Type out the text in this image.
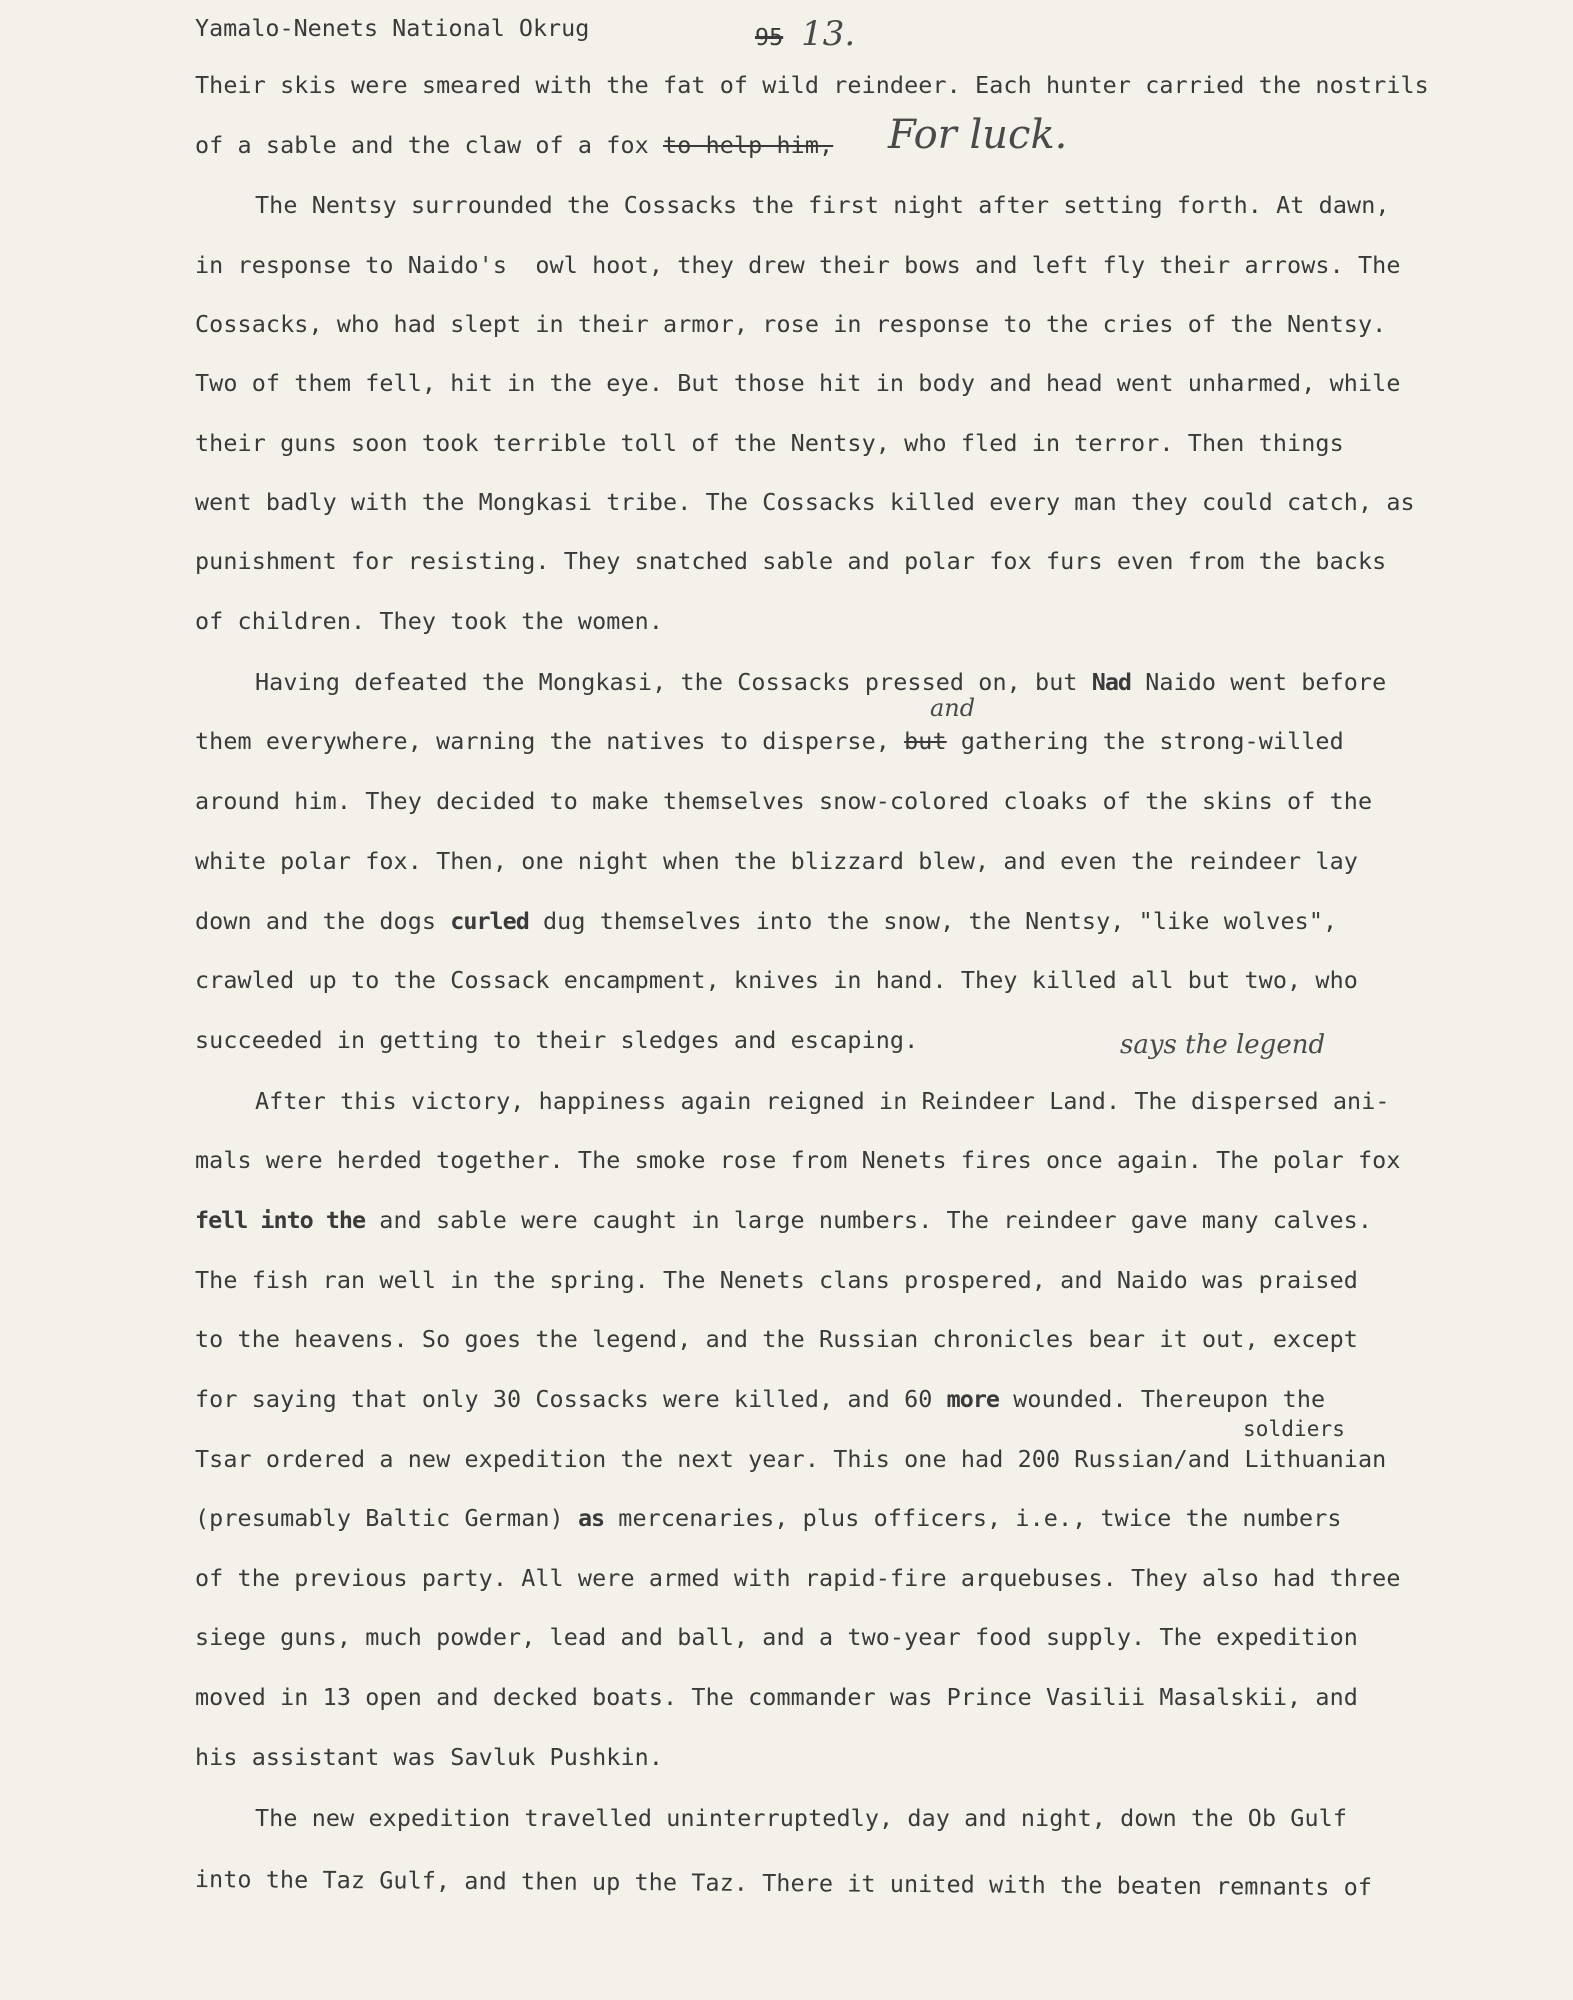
Yamalo-Nenets National Okrug	95 13.
Their skis were smeared with the fat of wild reindeer. Each hunter carried the nostrils
of a sable and the claw of a fox to help him, For luck.
The Nentsy surrounded the Cossacks the first night after setting forth. At dawn,
in response to Naido's  owl hoot, they drew their bows and left fly their arrows. The
Cossacks, who had slept in their armor, rose in response to the cries of the Nentsy.
Two of them fell, hit in the eye. But those hit in body and head went unharmed, while
their guns soon took terrible toll of the Nentsy, who fled in terror. Then things
went badly with the Mongkasi tribe. The Cossacks killed every man they could catch, as
punishment for resisting. They snatched sable and polar fox furs even from the backs
of children. They took the women.
Having defeated the Mongkasi, the Cossacks pressed on, but Nad Naido went before
and
them everywhere, warning the natives to disperse, but gathering the strong-willed
around him. They decided to make themselves snow-colored cloaks of the skins of the
white polar fox. Then, one night when the blizzard blew, and even the reindeer lay
down and the dogs curled dug themselves into the snow, the Nentsy, "like wolves",
crawled up to the Cossack encampment, knives in hand. They killed all but two, who
succeeded in getting to their sledges and escaping.	says the legend
After this victory, happiness again reigned in Reindeer Land. The dispersed ani-
mals were herded together. The smoke rose from Nenets fires once again. The polar fox
fell into the and sable were caught in large numbers. The reindeer gave many calves.
The fish ran well in the spring. The Nenets clans prospered, and Naido was praised
to the heavens. So goes the legend, and the Russian chronicles bear it out, except
for saying that only 30 Cossacks were killed, and 60 more wounded. Thereupon the
soldiers
Tsar ordered a new expedition the next year. This one had 200 Russian/and Lithuanian
(presumably Baltic German) as mercenaries, plus officers, i.e., twice the numbers
of the previous party. All were armed with rapid-fire arquebuses. They also had three
siege guns, much powder, lead and ball, and a two-year food supply. The expedition
moved in 13 open and decked boats. The commander was Prince Vasilii Masalskii, and
his assistant was Savluk Pushkin.
The new expedition travelled uninterruptedly, day and night, down the Ob Gulf
into the Taz Gulf, and then up the Taz. There it united with the beaten remnants of
